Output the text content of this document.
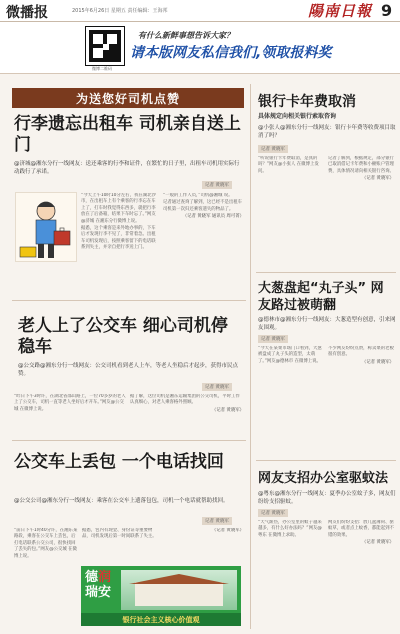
微播报	2015年6月26日 星期五 责任编辑：王海邦	陽南日報 9
微博二维码
有什么新鲜事想告诉大家？
请本版网友私信我们,领取报料奖
为送您好司机点赞
行李遗忘出租车 司机亲自送上门
@济城@湘东分行一线网友：送还乘客的行李和证件，在繁忙的日子里，出租车司机用实际行动践行了承诺。
记者 黄晓军

“今天上午10时10分左右，我在湖北沙市，在出租车上有个乘客的行李忘在车上了，打车时我觉得东西多，就把行李放在了后备箱，结果下车时忘了。”网友@济城 在湘东分行微博上说。

据悉，这个乘客是来外地办事的，下车后才发现行李不见了，非常着急。出租车司机发现后，按照乘客留下的电话联系到失主，并亲自把行李送上门。

“一般的工作人员，”司机@湘城 说。

记者通过查询了解到，这已经不是出租车司机第一次归还乘客遗失的物品了。

（记者 黄晓军 通讯员 周可菁）

老人上了公交车 细心司机停稳车
@公交路@湘东分行一线网友：公交司机看到老人上车，等老人坐稳后才起步，获得市民点赞。
记者 黄晓军

“昨日下午3时许，在湖北省邵山路上，一位70多岁的老人上了公交车，司机一直等老人坐好后才开车。”网友@公交城 在微博上说。

据了解，这位司机是湘东运输集团的公交司机，平时工作认真细心，对老人乘客格外照顾。

（记者 黄晓军）

公交车上丢包 一个电话找回
@公交公司@湘东分行一线网友：乘客在公交车上遗落包包，司机一个电话就帮助找回。
记者 黄晓军

“前日下午1时40分许，在湘东某路段，乘客在公交车上丢包，后打电话联系公交公司，很快找回了丢失的包。”网友@公交城 在微博上说。

据悉，包内有现金、身份证等重要物品，司机发现后第一时间联系了失主。

（记者 黄晓军）

德润
瑞安
银行社会主义核心价值观
银行卡年费取消
具体规定向相关银行索取咨询
@小张人@湘东分行一线网友：银行卡年费等收费项目取消了吗？
记者 黄晓军

“听说银行卡年费取消，是真的吗？”网友@小张人 在微博上发问。

记者了解到，根据规定，部分银行已取消借记卡年费和小额账户管理费，具体情况请向相关银行咨询。

（记者 黄晓军）

大葱盘起“丸子头” 网友路过被萌翻
@德林市@湘东分行一线网友：大葱造型有创意，引来网友围观。
记者 黄晓军

“今天在某菜市场门口看到，大葱被盘成了丸子头的造型，太萌了。”网友@德林市 在微博上说。

不少网友纷纷点赞，称卖菜的老板很有创意。

（记者 黄晓军）

网友支招办公室驱蚊法
@粤东@湘东分行一线网友：夏季办公室蚊子多，网友们纷纷支招驱蚊。
记者 黄晓军

“天气渐热，办公室里的蚊子越来越多，有什么好办法吗？”网友@粤东 在微博上求助。

网友们纷纷支招：放几盆薄荷、驱蚊草，或者点上蚊香，都能起到不错的效果。

（记者 黄晓军）
